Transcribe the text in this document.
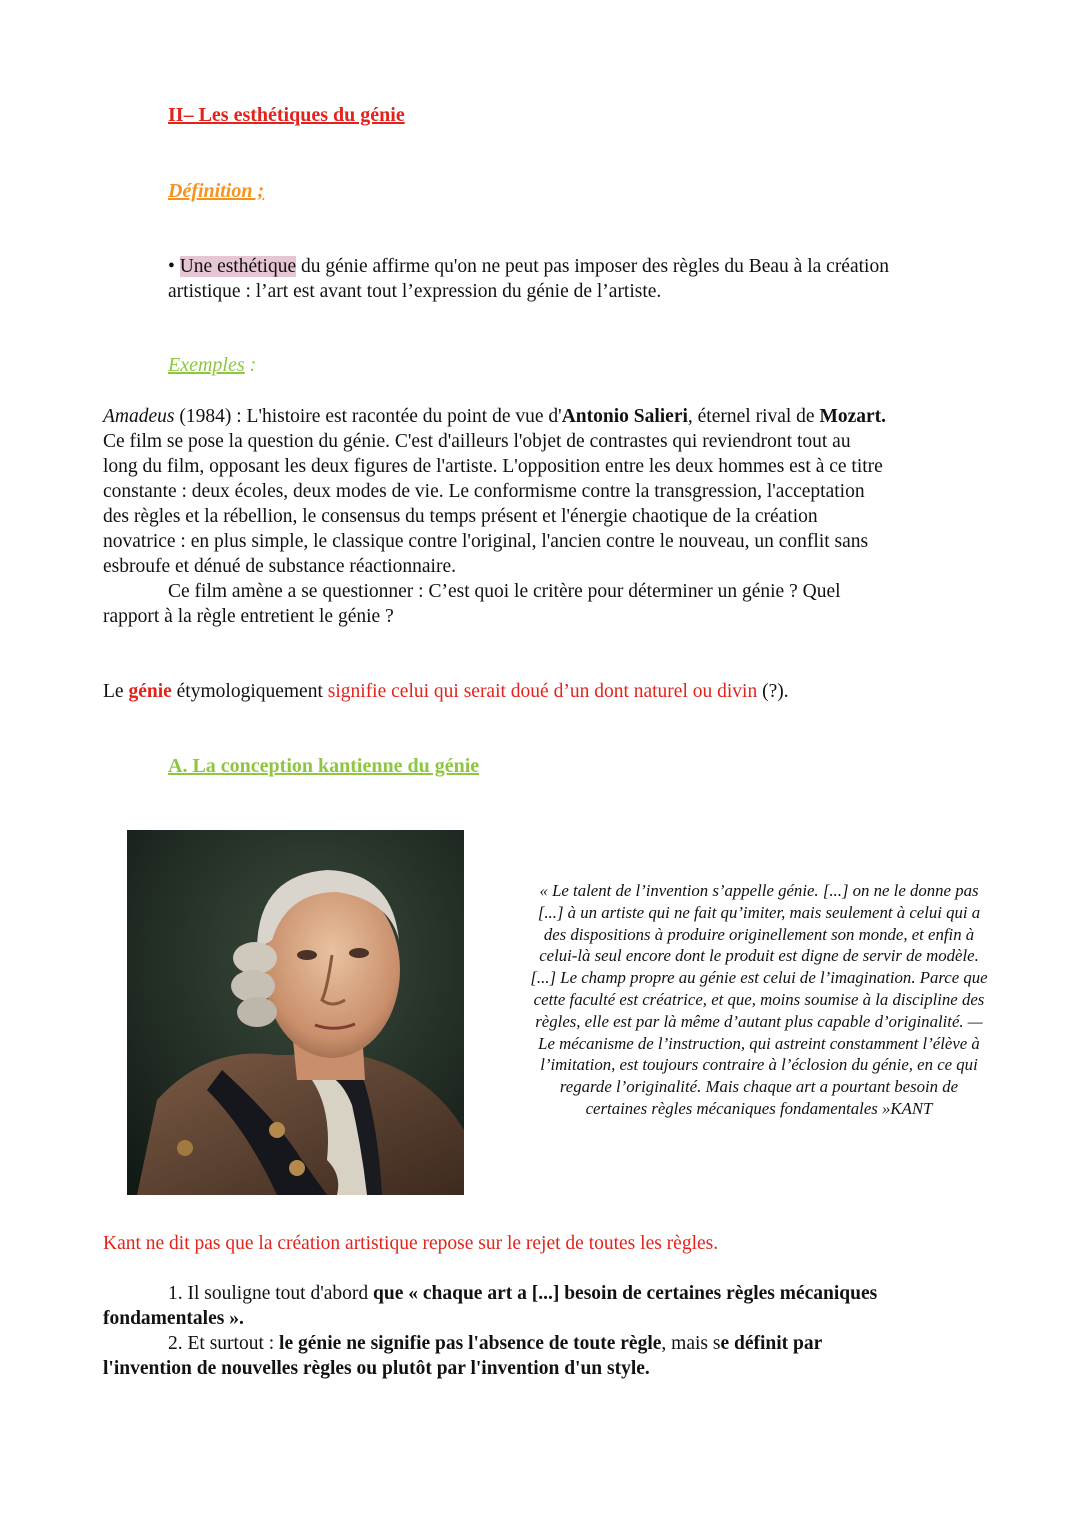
II– Les esthétiques du génie
Définition ;
• Une esthétique du génie affirme qu'on ne peut pas imposer des règles du Beau à la création
artistique : l’art est avant tout l’expression du génie de l’artiste.
Exemples :
Amadeus (1984) : L'histoire est racontée du point de vue d'Antonio Salieri, éternel rival de Mozart.
Ce film se pose la question du génie. C'est d'ailleurs l'objet de contrastes qui reviendront tout au
long du film, opposant les deux figures de l'artiste. L'opposition entre les deux hommes est à ce titre
constante : deux écoles, deux modes de vie. Le conformisme contre la transgression, l'acceptation
des règles et la rébellion, le consensus du temps présent et l'énergie chaotique de la création
novatrice : en plus simple, le classique contre l'original, l'ancien contre le nouveau, un conflit sans
esbroufe et dénué de substance réactionnaire.
Ce film amène a se questionner : C’est quoi le critère pour déterminer un génie ? Quel
rapport à la règle entretient le génie ?
Le génie étymologiquement signifie celui qui serait doué d’un dont naturel ou divin (?).
A. La conception kantienne du génie
« Le talent de l’invention s’appelle génie. [...] on ne le donne pas
[...] à un artiste qui ne fait qu’imiter, mais seulement à celui qui a
des dispositions à produire originellement son monde, et enfin à
celui-là seul encore dont le produit est digne de servir de modèle.
[...] Le champ propre au génie est celui de l’imagination. Parce que
cette faculté est créatrice, et que, moins soumise à la discipline des
règles, elle est par là même d’autant plus capable d’originalité. —
Le mécanisme de l’instruction, qui astreint constamment l’élève à
l’imitation, est toujours contraire à l’éclosion du génie, en ce qui
regarde l’originalité. Mais chaque art a pourtant besoin de
certaines règles mécaniques fondamentales »KANT
Kant ne dit pas que la création artistique repose sur le rejet de toutes les règles.
1. Il souligne tout d'abord que « chaque art a [...] besoin de certaines règles mécaniques
fondamentales ».
2. Et surtout : le génie ne signifie pas l'absence de toute règle, mais se définit par
l'invention de nouvelles règles ou plutôt par l'invention d'un style.
